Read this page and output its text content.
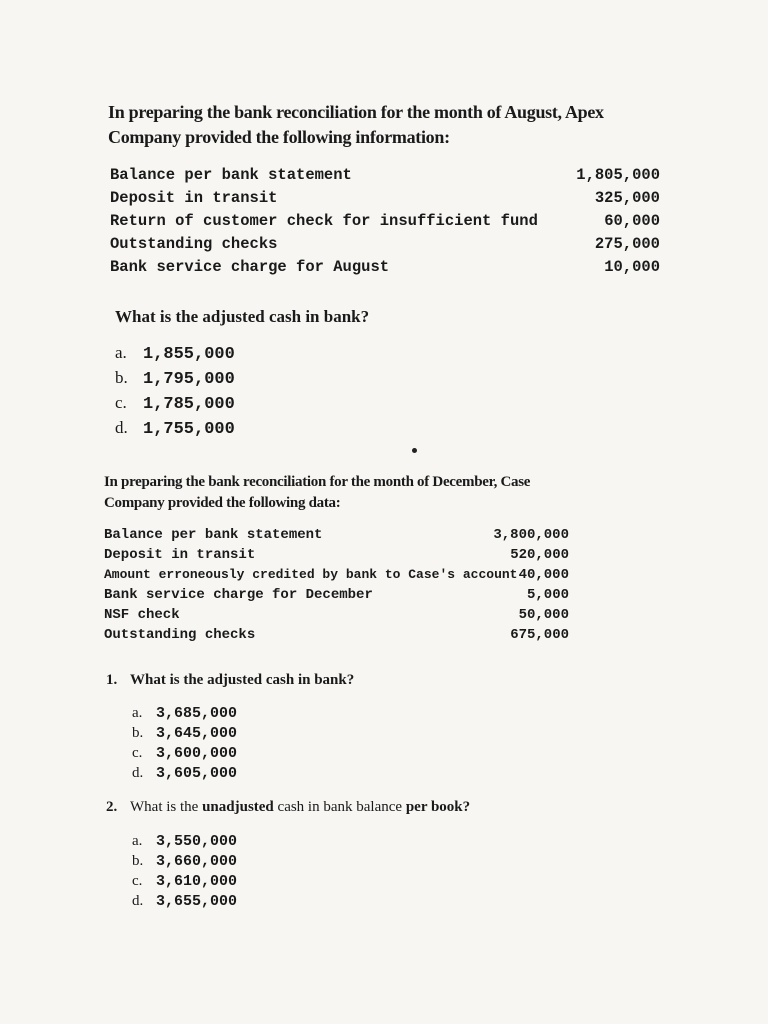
In preparing the bank reconciliation for the month of August, Apex
Company provided the following information:
Balance per bank statement	1,805,000
Deposit in transit	325,000
Return of customer check for insufficient fund	60,000
Outstanding checks	275,000
Bank service charge for August	10,000
What is the adjusted cash in bank?
a. 1,855,000
b. 1,795,000
c. 1,785,000
d. 1,755,000
In preparing the bank reconciliation for the month of December, Case
Company provided the following data:
Balance per bank statement	3,800,000
Deposit in transit	520,000
Amount erroneously credited by bank to Case's account 40,000
Bank service charge for December	5,000
NSF check	50,000
Outstanding checks	675,000
1. What is the adjusted cash in bank?
a. 3,685,000
b. 3,645,000
c. 3,600,000
d. 3,605,000
2. What is the unadjusted cash in bank balance per book?
a. 3,550,000
b. 3,660,000
c. 3,610,000
d. 3,655,000
